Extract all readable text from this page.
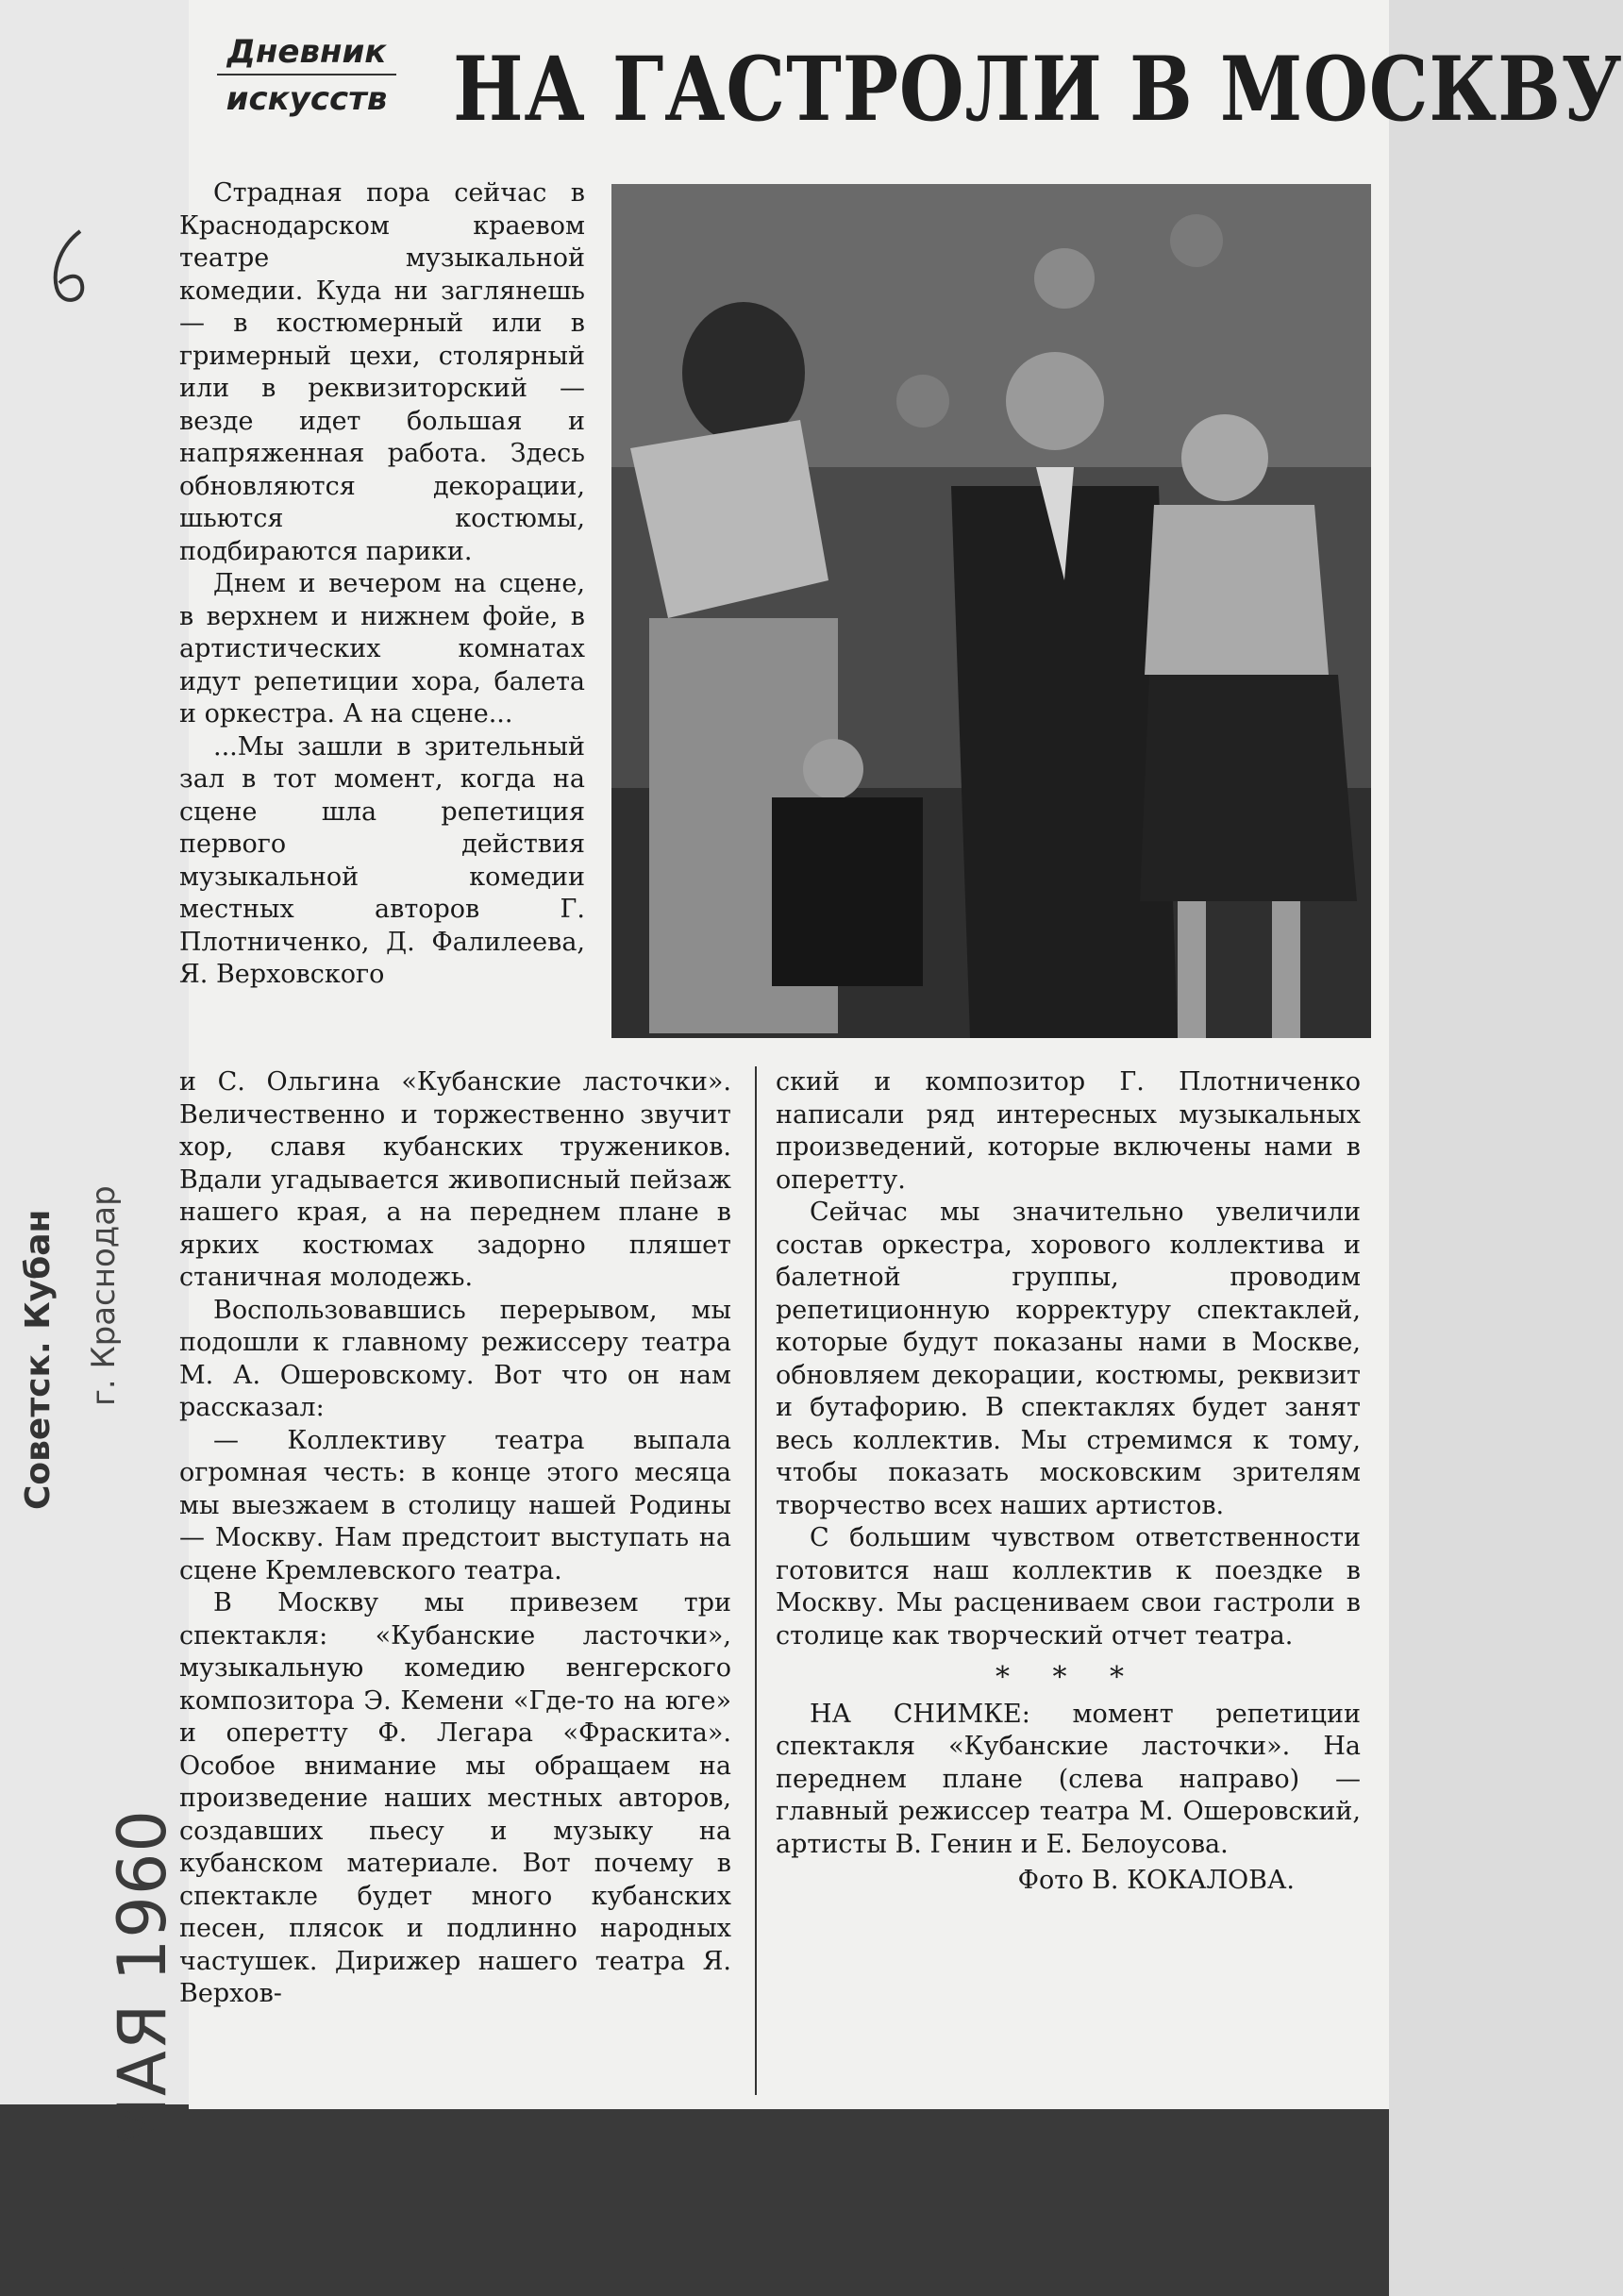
Советск. Кубан г. Краснодар
1 1 МАЯ 1960
Дневник
искусств НА ГАСТРОЛИ В МОСКВУ

Страдная пора сейчас в Краснодарском краевом театре музыкальной комедии. Куда ни заглянешь — в костюмерный или в гримерный цехи, столярный или в реквизиторский — везде идет большая и напряженная работа. Здесь обновляются декорации, шьются костюмы, подбираются парики.

Днем и вечером на сцене, в верхнем и нижнем фойе, в артистических комнатах идут репетиции хора, балета и оркестра. А на сцене...

...Мы зашли в зрительный зал в тот момент, когда на сцене шла репетиция первого действия музыкальной комедии местных авторов Г. Плотниченко, Д. Фалилеева, Я. Верховского

и С. Ольгина «Кубанские ласточки». Величественно и торжественно звучит хор, славя кубанских тружеников. Вдали угадывается живописный пейзаж нашего края, а на переднем плане в ярких костюмах задорно пляшет станичная молодежь.

Воспользовавшись перерывом, мы подошли к главному режиссеру театра М. А. Ошеровскому. Вот что он нам рассказал:

— Коллективу театра выпала огромная честь: в конце этого месяца мы выезжаем в столицу нашей Родины — Москву. Нам предстоит выступать на сцене Кремлевского театра.

В Москву мы привезем три спектакля: «Кубанские ласточки», музыкальную комедию венгерского композитора Э. Кемени «Где-то на юге» и оперетту Ф. Легара «Фраскита». Особое внимание мы обращаем на произведение наших местных авторов, создавших пьесу и музыку на кубанском материале. Вот почему в спектакле будет много кубанских песен, плясок и подлинно народных частушек. Дирижер нашего театра Я. Верхов-

ский и композитор Г. Плотниченко написали ряд интересных музыкальных произведений, которые включены нами в оперетту.

Сейчас мы значительно увеличили состав оркестра, хорового коллектива и балетной группы, проводим репетиционную корректуру спектаклей, которые будут показаны нами в Москве, обновляем декорации, костюмы, реквизит и бутафорию. В спектаклях будет занят весь коллектив. Мы стремимся к тому, чтобы показать московским зрителям творчество всех наших артистов.

С большим чувством ответственности готовится наш коллектив к поездке в Москву. Мы расцениваем свои гастроли в столице как творческий отчет театра.

* * *

НА СНИМКЕ: момент репетиции спектакля «Кубанские ласточки». На переднем плане (слева направо) — главный режиссер театра М. Ошеровский, артисты В. Генин и Е. Белоусова.

Фото В. КОКАЛОВА.
